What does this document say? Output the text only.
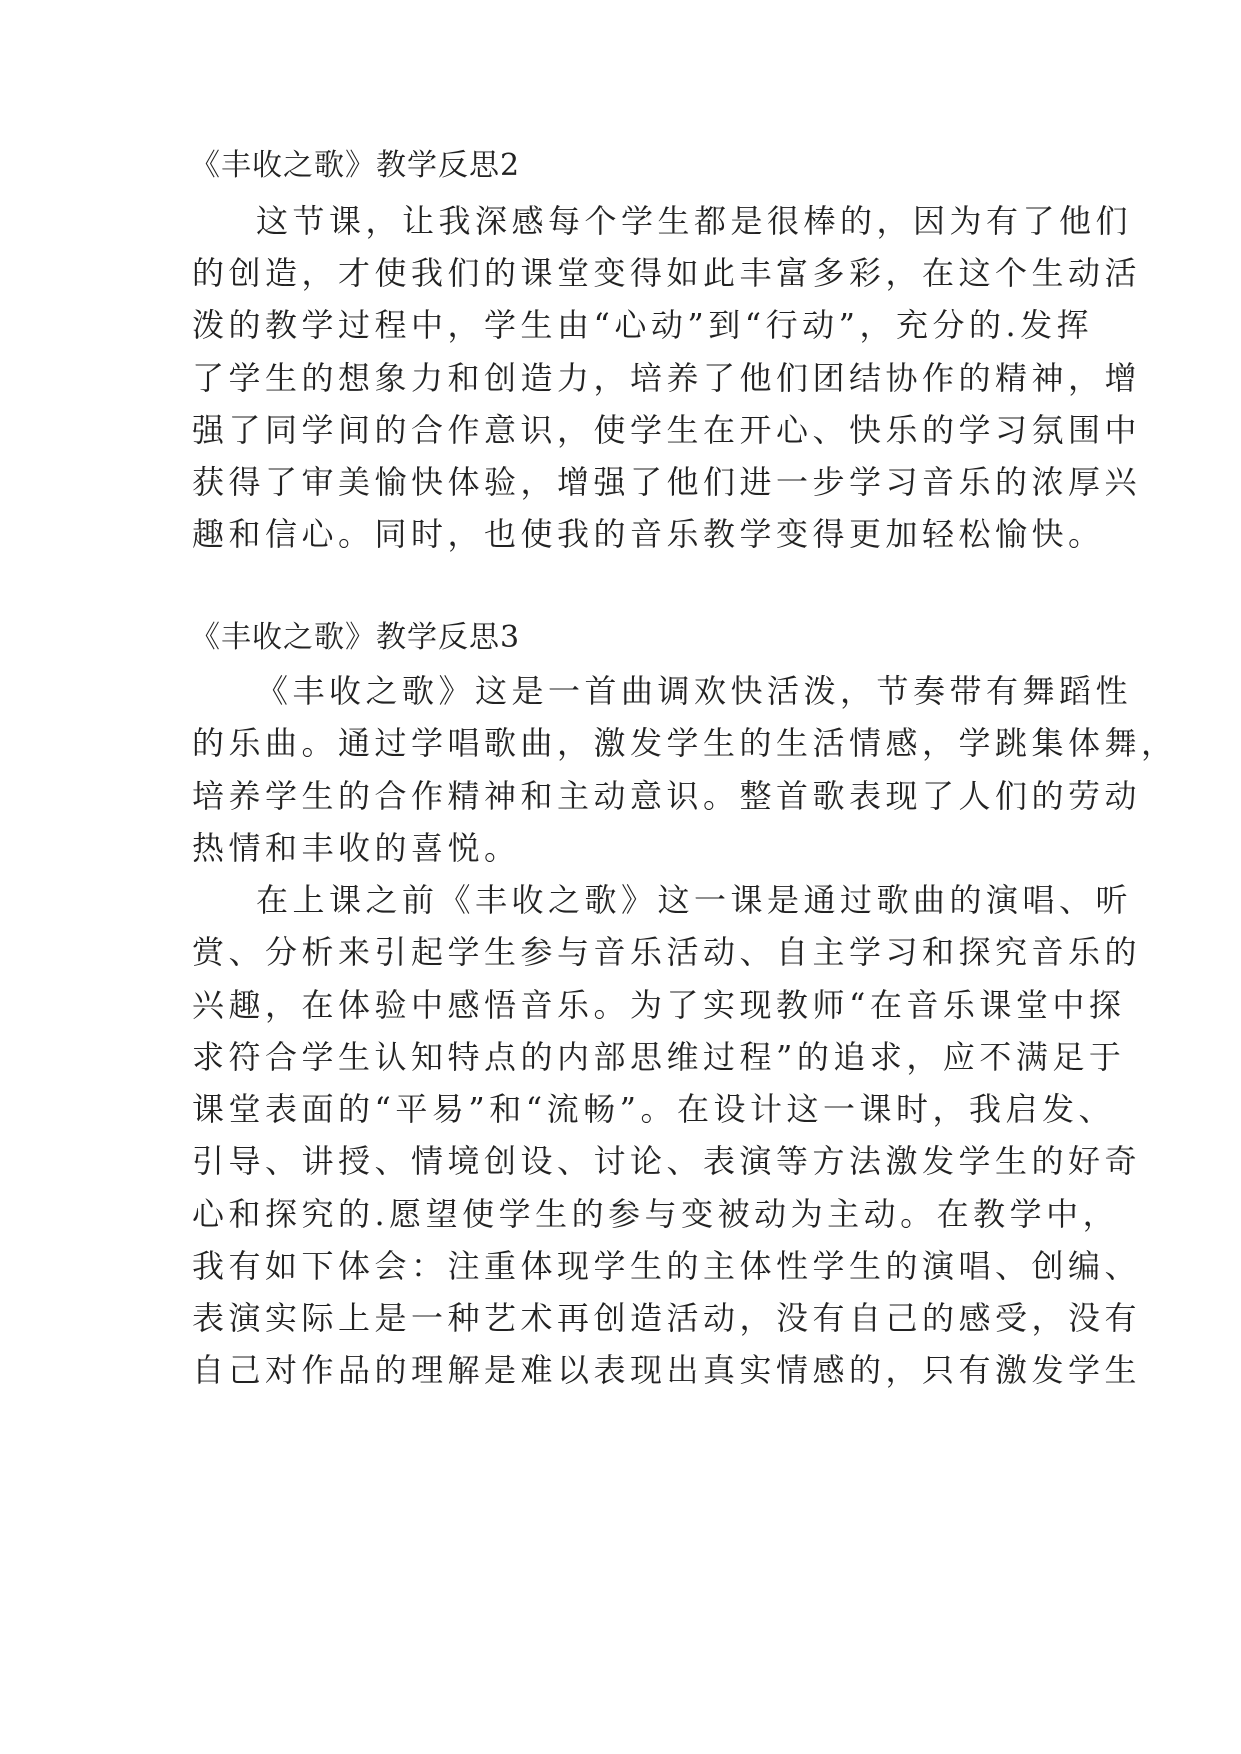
《丰收之歌》教学反思2
这节课，让我深感每个学生都是很棒的，因为有了他们
的创造，才使我们的课堂变得如此丰富多彩，在这个生动活
泼的教学过程中，学生由“心动”到“行动”，充分的.发挥
了学生的想象力和创造力，培养了他们团结协作的精神，增
强了同学间的合作意识，使学生在开心、快乐的学习氛围中
获得了审美愉快体验，增强了他们进一步学习音乐的浓厚兴
趣和信心。同时，也使我的音乐教学变得更加轻松愉快。
《丰收之歌》教学反思3
《丰收之歌》这是一首曲调欢快活泼，节奏带有舞蹈性
的乐曲。通过学唱歌曲，激发学生的生活情感，学跳集体舞，
培养学生的合作精神和主动意识。整首歌表现了人们的劳动
热情和丰收的喜悦。
在上课之前《丰收之歌》这一课是通过歌曲的演唱、听
赏、分析来引起学生参与音乐活动、自主学习和探究音乐的
兴趣，在体验中感悟音乐。为了实现教师“在音乐课堂中探
求符合学生认知特点的内部思维过程”的追求，应不满足于
课堂表面的“平易”和“流畅”。在设计这一课时，我启发、
引导、讲授、情境创设、讨论、表演等方法激发学生的好奇
心和探究的.愿望使学生的参与变被动为主动。在教学中，
我有如下体会：注重体现学生的主体性学生的演唱、创编、
表演实际上是一种艺术再创造活动，没有自己的感受，没有
自己对作品的理解是难以表现出真实情感的，只有激发学生
